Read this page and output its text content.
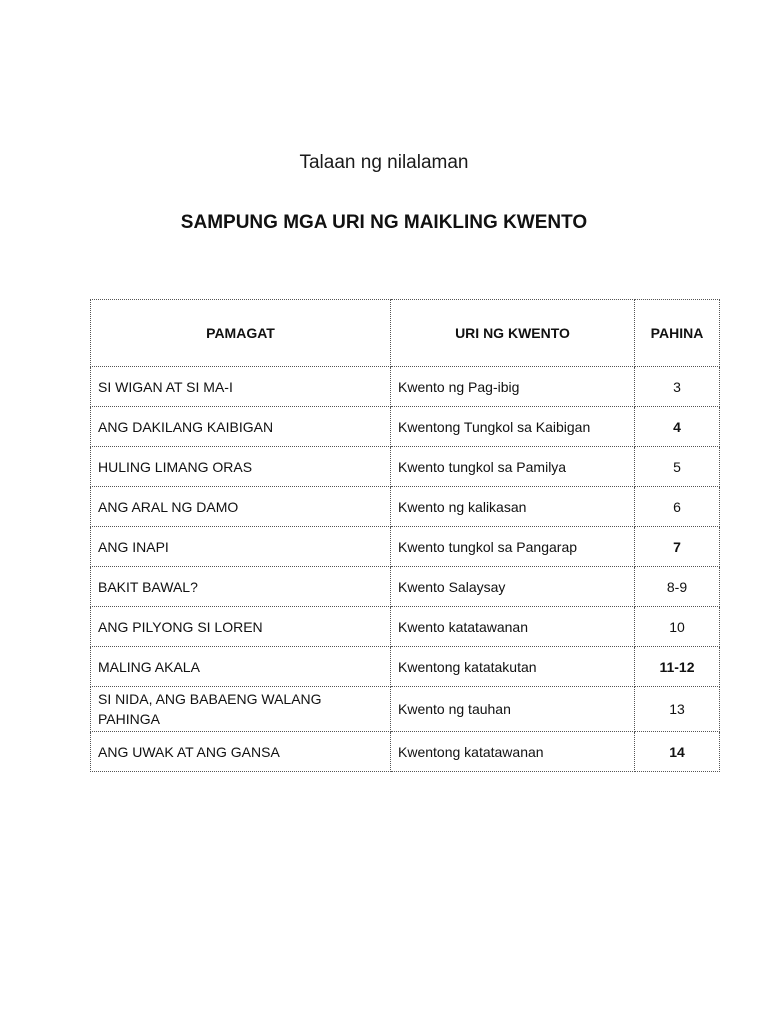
Talaan ng nilalaman
SAMPUNG MGA URI NG MAIKLING KWENTO
PAMAGAT	URI NG KWENTO	PAHINA
SI WIGAN AT SI MA-I	Kwento ng Pag-ibig	3
ANG DAKILANG KAIBIGAN	Kwentong Tungkol sa Kaibigan	4
HULING LIMANG ORAS	Kwento tungkol sa Pamilya	5
ANG ARAL NG DAMO	Kwento ng kalikasan	6
ANG INAPI	Kwento tungkol sa Pangarap	7
BAKIT BAWAL?	Kwento Salaysay	8-9
ANG PILYONG SI LOREN	Kwento katatawanan	10
MALING AKALA	Kwentong katatakutan	11-12
SI NIDA, ANG BABAENG WALANG PAHINGA	Kwento ng tauhan	13
ANG UWAK AT ANG GANSA	Kwentong katatawanan	14
